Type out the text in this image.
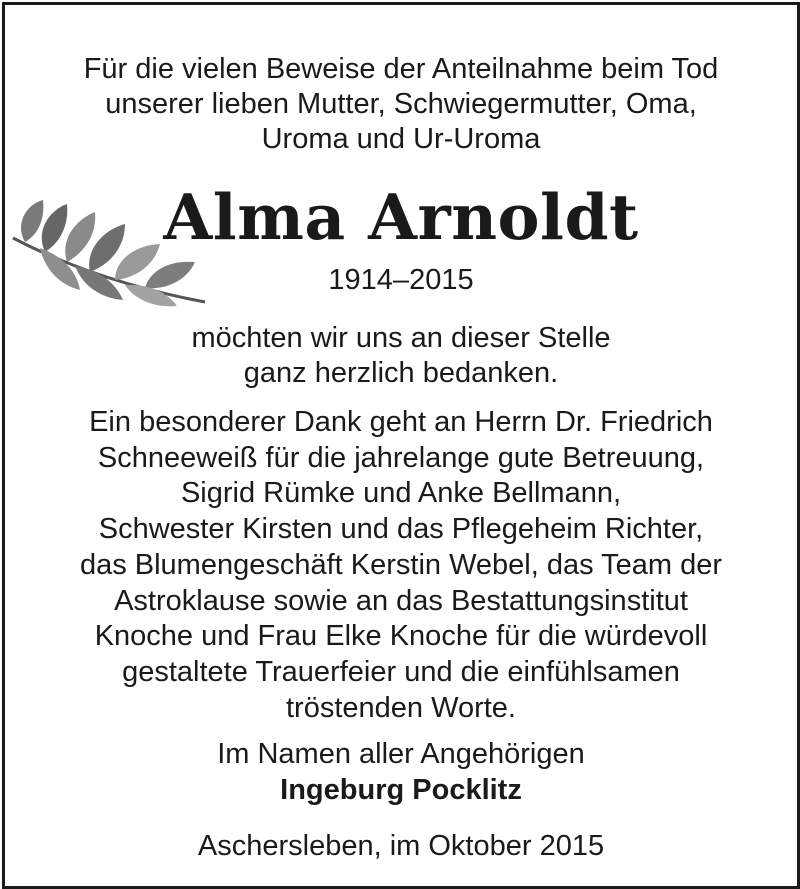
Für die vielen Beweise der Anteilnahme beim Tod
unserer lieben Mutter, Schwiegermutter, Oma,
Uroma und Ur-Uroma

Alma Arnoldt

1914–2015

möchten wir uns an dieser Stelle
ganz herzlich bedanken.

Ein besonderer Dank geht an Herrn Dr. Friedrich
Schneeweiß für die jahrelange gute Betreuung,
Sigrid Rümke und Anke Bellmann,
Schwester Kirsten und das Pflegeheim Richter,
das Blumengeschäft Kerstin Webel, das Team der
Astroklause sowie an das Bestattungsinstitut
Knoche und Frau Elke Knoche für die würdevoll
gestaltete Trauerfeier und die einfühlsamen
tröstenden Worte.

Im Namen aller Angehörigen
Ingeburg Pocklitz

Aschersleben, im Oktober 2015
